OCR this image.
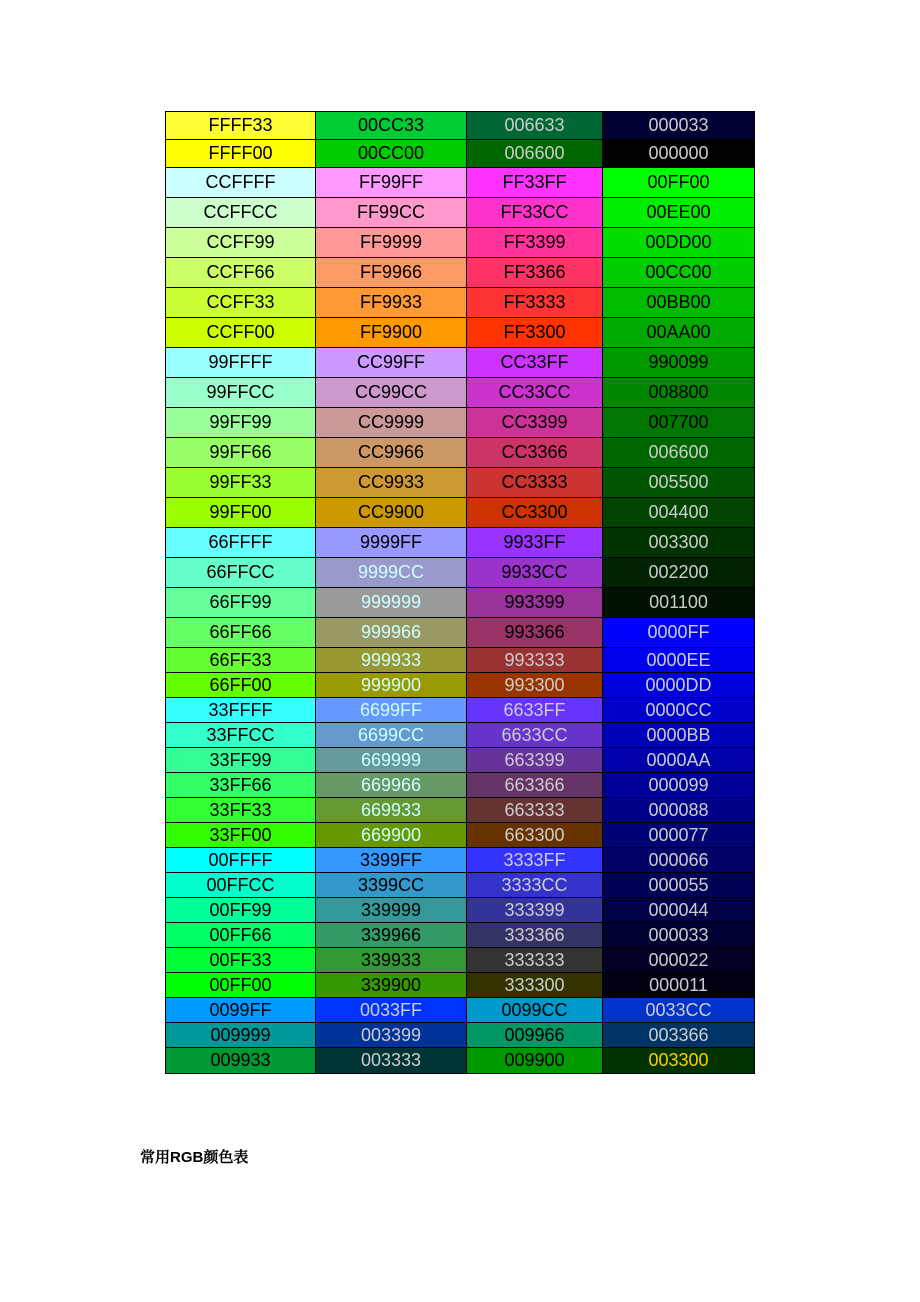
FFFF33	00CC33	006633	000033
FFFF00	00CC00	006600	000000
CCFFFF	FF99FF	FF33FF	00FF00
CCFFCC	FF99CC	FF33CC	00EE00
CCFF99	FF9999	FF3399	00DD00
CCFF66	FF9966	FF3366	00CC00
CCFF33	FF9933	FF3333	00BB00
CCFF00	FF9900	FF3300	00AA00
99FFFF	CC99FF	CC33FF	990099
99FFCC	CC99CC	CC33CC	008800
99FF99	CC9999	CC3399	007700
99FF66	CC9966	CC3366	006600
99FF33	CC9933	CC3333	005500
99FF00	CC9900	CC3300	004400
66FFFF	9999FF	9933FF	003300
66FFCC	9999CC	9933CC	002200
66FF99	999999	993399	001100
66FF66	999966	993366	0000FF
66FF33	999933	993333	0000EE
66FF00	999900	993300	0000DD
33FFFF	6699FF	6633FF	0000CC
33FFCC	6699CC	6633CC	0000BB
33FF99	669999	663399	0000AA
33FF66	669966	663366	000099
33FF33	669933	663333	000088
33FF00	669900	663300	000077
00FFFF	3399FF	3333FF	000066
00FFCC	3399CC	3333CC	000055
00FF99	339999	333399	000044
00FF66	339966	333366	000033
00FF33	339933	333333	000022
00FF00	339900	333300	000011
0099FF	0033FF	0099CC	0033CC
009999	003399	009966	003366
009933	003333	009900	003300
常用RGB颜色表
